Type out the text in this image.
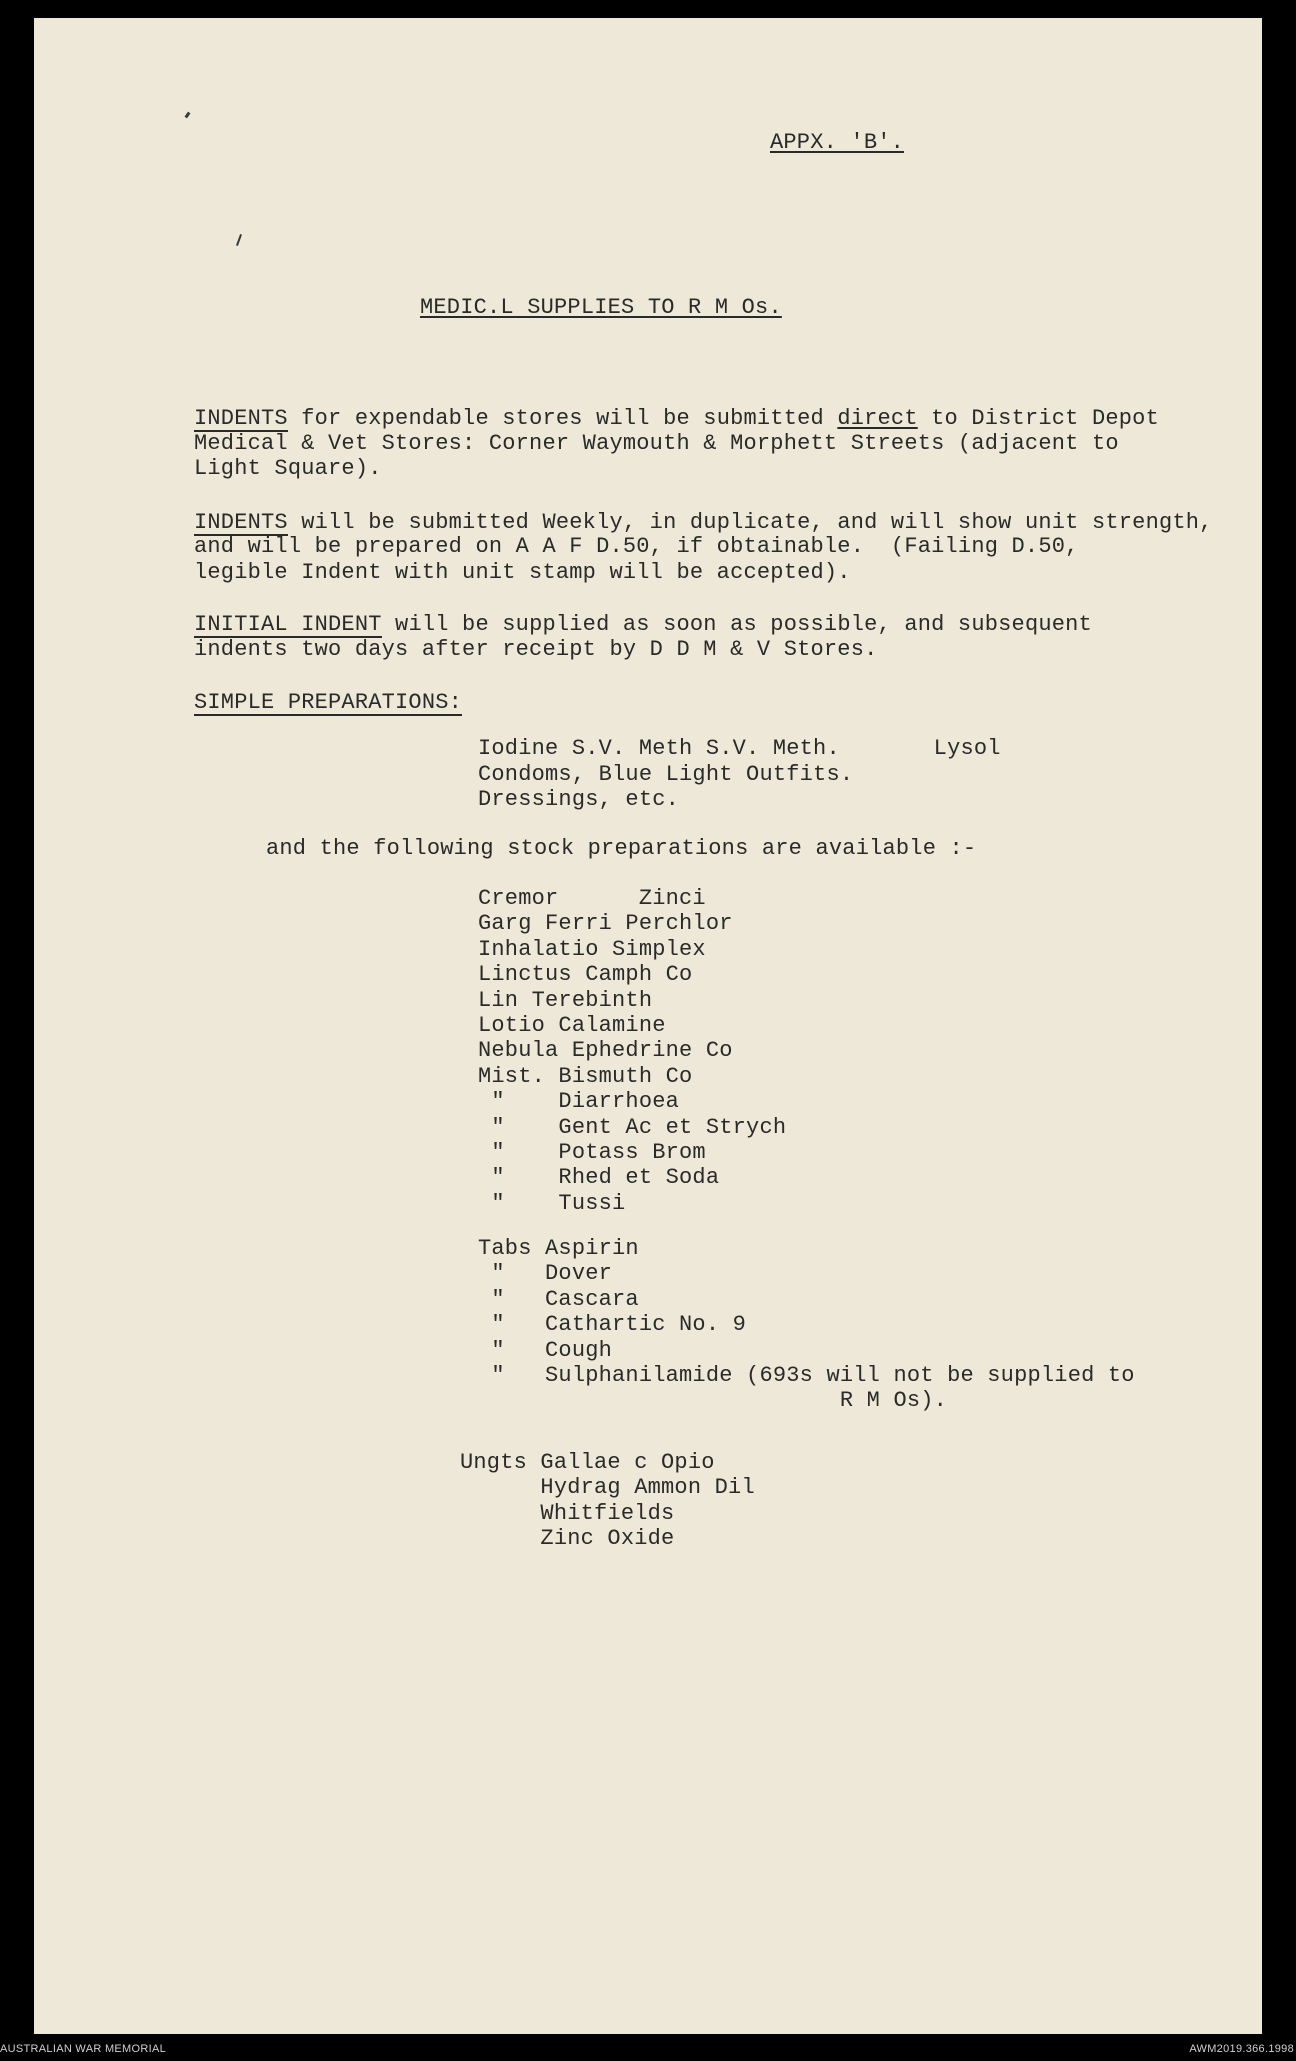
APPX. 'B'.

MEDIC.L SUPPLIES TO R M Os.

INDENTS for expendable stores will be submitted direct to District Depot

Medical & Vet Stores: Corner Waymouth & Morphett Streets (adjacent to

Light Square).

INDENTS will be submitted Weekly, in duplicate, and will show unit strength,

and will be prepared on A A F D.50, if obtainable.  (Failing D.50,

legible Indent with unit stamp will be accepted).

INITIAL INDENT will be supplied as soon as possible, and subsequent

indents two days after receipt by D D M & V Stores.

SIMPLE PREPARATIONS:

Iodine S.V. Meth S.V. Meth.       Lysol

Condoms, Blue Light Outfits.

Dressings, etc.

and the following stock preparations are available :-

Cremor      Zinci

Garg Ferri Perchlor

Inhalatio Simplex

Linctus Camph Co

Lin Terebinth

Lotio Calamine

Nebula Ephedrine Co

Mist. Bismuth Co

"    Diarrhoea

"    Gent Ac et Strych

"    Potass Brom

"    Rhed et Soda

"    Tussi

Tabs Aspirin

"   Dover

"   Cascara

"   Cathartic No. 9

"   Cough

"   Sulphanilamide (693s will not be supplied to

R M Os).

Ungts Gallae c Opio

Hydrag Ammon Dil

Whitfields

Zinc Oxide

AUSTRALIAN WAR MEMORIAL	AWM2019.366.1998
